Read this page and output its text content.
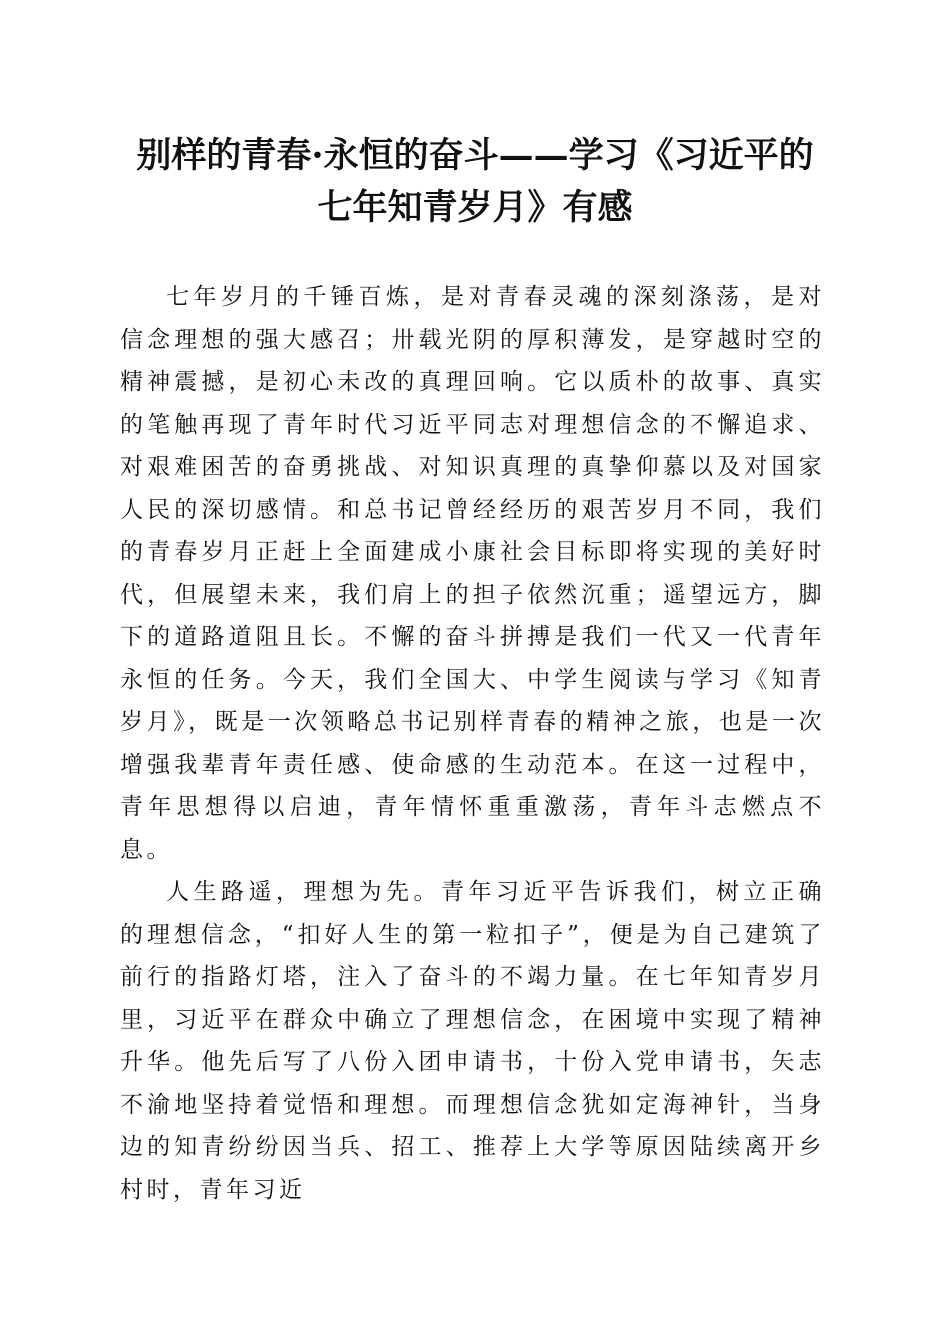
别样的青春·永恒的奋斗——学习《习近平的
七年知青岁月》有感

七年岁月的千锤百炼，是对青春灵魂的深刻涤荡，是对信念理想的强大感召；卅载光阴的厚积薄发，是穿越时空的精神震撼，是初心未改的真理回响。它以质朴的故事、真实的笔触再现了青年时代习近平同志对理想信念的不懈追求、对艰难困苦的奋勇挑战、对知识真理的真挚仰慕以及对国家人民的深切感情。和总书记曾经经历的艰苦岁月不同，我们的青春岁月正赶上全面建成小康社会目标即将实现的美好时代，但展望未来，我们肩上的担子依然沉重；遥望远方，脚下的道路道阻且长。不懈的奋斗拼搏是我们一代又一代青年永恒的任务。今天，我们全国大、中学生阅读与学习《知青岁月》，既是一次领略总书记别样青春的精神之旅，也是一次增强我辈青年责任感、使命感的生动范本。在这一过程中，青年思想得以启迪，青年情怀重重激荡，青年斗志燃点不息。

人生路遥，理想为先。青年习近平告诉我们，树立正确的理想信念，“扣好人生的第一粒扣子”，便是为自己建筑了前行的指路灯塔，注入了奋斗的不竭力量。在七年知青岁月里，习近平在群众中确立了理想信念，在困境中实现了精神升华。他先后写了八份入团申请书，十份入党申请书，矢志不渝地坚持着觉悟和理想。而理想信念犹如定海神针，当身边的知青纷纷因当兵、招工、推荐上大学等原因陆续离开乡村时，青年习近
